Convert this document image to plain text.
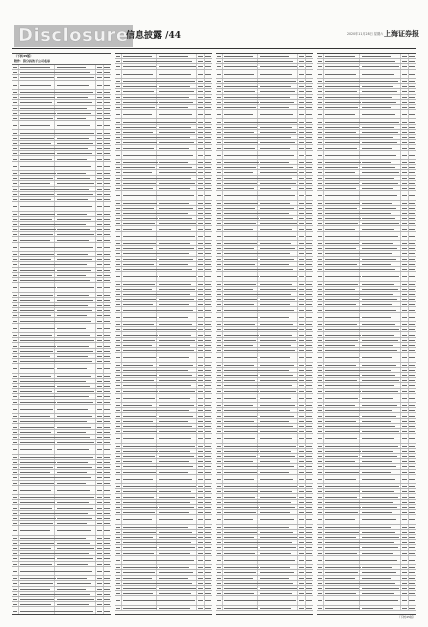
Disclosure
信息披露 /44	2020年11月28日 星期六 上海证券报
（下转45版）
附件：拟分拆的子公司名单
（下转45版）
